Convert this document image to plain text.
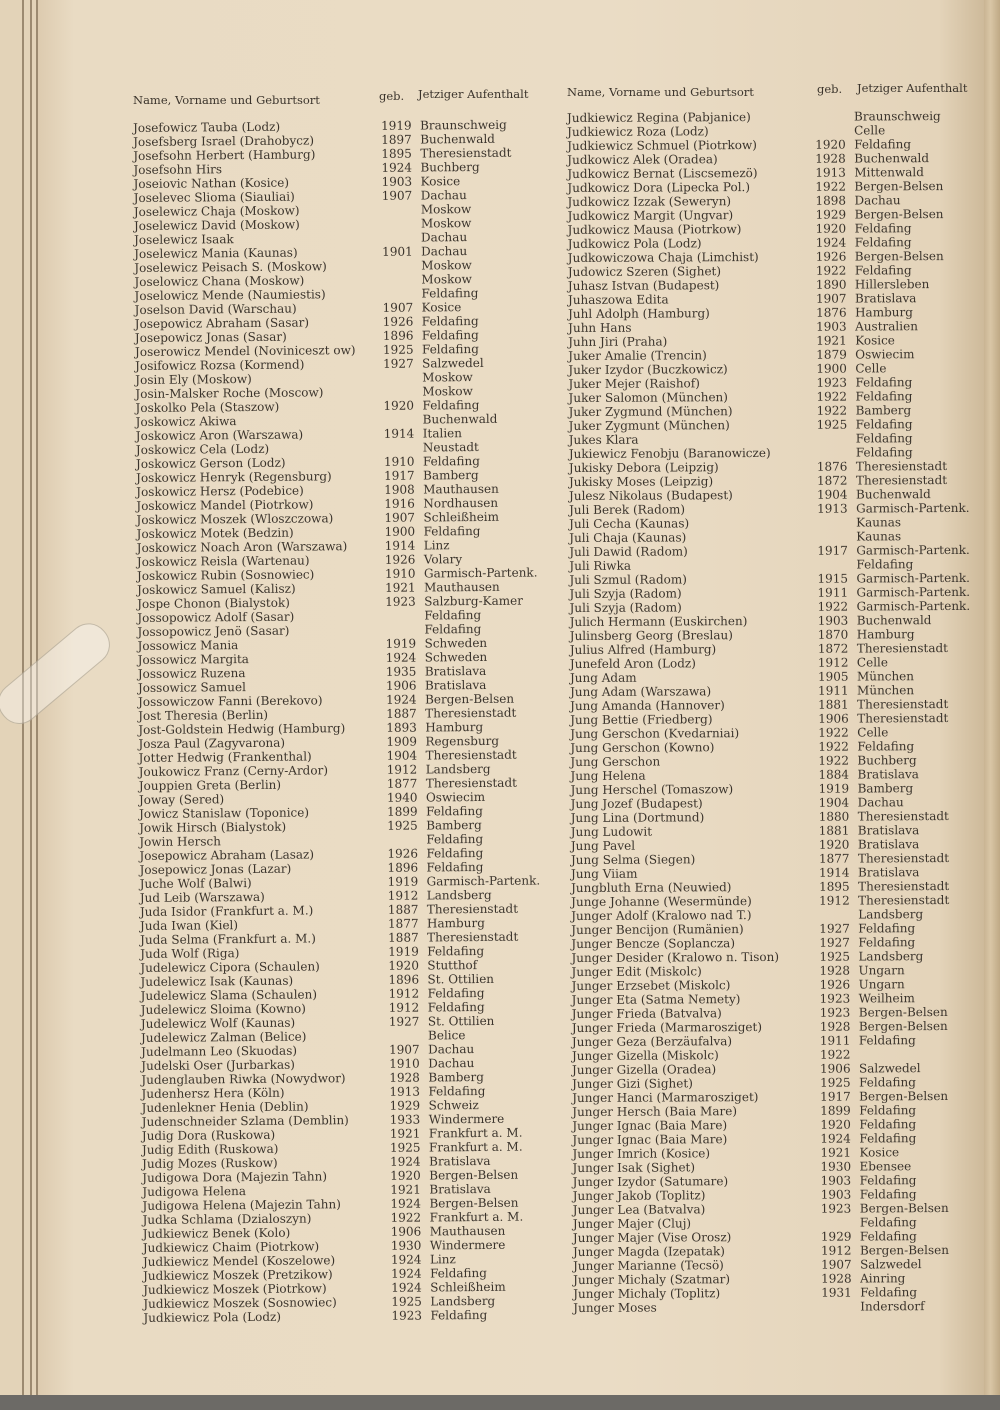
Name, Vorname und Geburtsort	geb. Jetziger Aufenthalt	Name, Vorname und Geburtsort	geb. Jetziger Aufenthalt
Josefowicz Tauba (Lodz)	1919 Braunschweig
Josefsberg Israel (Drahobycz)	1897 Buchenwald
Josefsohn Herbert (Hamburg)	1895 Theresienstadt
Josefsohn Hirs	1924 Buchberg
Joseiovic Nathan (Kosice)	1903 Kosice
Joselevec Slioma (Siauliai)	1907 Dachau
Joselewicz Chaja (Moskow)	Moskow
Joselewicz David (Moskow)	Moskow
Joselewicz Isaak	Dachau
Joselewicz Mania (Kaunas)	1901 Dachau
Joselewicz Peisach S. (Moskow)	Moskow
Joselowicz Chana (Moskow)	Moskow
Joselowicz Mende (Naumiestis)	Feldafing
Joselson David (Warschau)	1907 Kosice
Josepowicz Abraham (Sasar)	1926 Feldafing
Josepowicz Jonas (Sasar)	1896 Feldafing
Joserowicz Mendel (Noviniceszt ow) 1925 Feldafing
Josifowicz Rozsa (Kormend)	1927 Salzwedel
Josin Ely (Moskow)	Moskow
Josin-Malsker Roche (Moscow)	Moskow
Joskolko Pela (Staszow)	1920 Feldafing
Joskowicz Akiwa	Buchenwald
Joskowicz Aron (Warszawa)	1914 Italien
Joskowicz Cela (Lodz)	Neustadt
Joskowicz Gerson (Lodz)	1910 Feldafing
Joskowicz Henryk (Regensburg)	1917 Bamberg
Joskowicz Hersz (Podebice)	1908 Mauthausen
Joskowicz Mandel (Piotrkow)	1916 Nordhausen
Joskowicz Moszek (Wloszczowa)	1907 Schleißheim
Joskowicz Motek (Bedzin)	1900 Feldafing
Joskowicz Noach Aron (Warszawa)	1914 Linz
Joskowicz Reisla (Wartenau)	1926 Volary
Joskowicz Rubin (Sosnowiec)	1910 Garmisch-Partenk.
Joskowicz Samuel (Kalisz)	1921 Mauthausen
Jospe Chonon (Bialystok)	1923 Salzburg-Kamer
Jossopowicz Adolf (Sasar)	Feldafing
Jossopowicz Jenö (Sasar)	Feldafing
Jossowicz Mania	1919 Schweden
Jossowicz Margita	1924 Schweden
Jossowicz Ruzena	1935 Bratislava
Jossowicz Samuel	1906 Bratislava
Jossowiczow Fanni (Berekovo)	1924 Bergen-Belsen
Jost Theresia (Berlin)	1887 Theresienstadt
Jost-Goldstein Hedwig (Hamburg)	1893 Hamburg
Josza Paul (Zagyvarona)	1909 Regensburg
Jotter Hedwig (Frankenthal)	1904 Theresienstadt
Joukowicz Franz (Cerny-Ardor)	1912 Landsberg
Jouppien Greta (Berlin)	1877 Theresienstadt
Joway (Sered)	1940 Oswiecim
Jowicz Stanislaw (Toponice)	1899 Feldafing
Jowik Hirsch (Bialystok)	1925 Bamberg
Jowin Hersch	Feldafing
Josepowicz Abraham (Lasaz)	1926 Feldafing
Josepowicz Jonas (Lazar)	1896 Feldafing
Juche Wolf (Balwi)	1919 Garmisch-Partenk.
Jud Leib (Warszawa)	1912 Landsberg
Juda Isidor (Frankfurt a. M.)	1887 Theresienstadt
Juda Iwan (Kiel)	1877 Hamburg
Juda Selma (Frankfurt a. M.)	1887 Theresienstadt
Juda Wolf (Riga)	1919 Feldafing
Judelewicz Cipora (Schaulen)	1920 Stutthof
Judelewicz Isak (Kaunas)	1896 St. Ottilien
Judelewicz Slama (Schaulen)	1912 Feldafing
Judelewicz Sloima (Kowno)	1912 Feldafing
Judelewicz Wolf (Kaunas)	1927 St. Ottilien
Judelewicz Zalman (Belice)	Belice
Judelmann Leo (Skuodas)	1907 Dachau
Judelski Oser (Jurbarkas)	1910 Dachau
Judenglauben Riwka (Nowydwor)	1928 Bamberg
Judenhersz Hera (Köln)	1913 Feldafing
Judenlekner Henia (Deblin)	1929 Schweiz
Judenschneider Szlama (Demblin)	1933 Windermere
Judig Dora (Ruskowa)	1921 Frankfurt a. M.
Judig Edith (Ruskowa)	1925 Frankfurt a. M.
Judig Mozes (Ruskow)	1924 Bratislava
Judigowa Dora (Majezin Tahn)	1920 Bergen-Belsen
Judigowa Helena	1921 Bratislava
Judigowa Helena (Majezin Tahn)	1924 Bergen-Belsen
Judka Schlama (Dzialoszyn)	1922 Frankfurt a. M.
Judkiewicz Benek (Kolo)	1906 Mauthausen
Judkiewicz Chaim (Piotrkow)	1930 Windermere
Judkiewicz Mendel (Koszelowe)	1924 Linz
Judkiewicz Moszek (Pretzikow)	1924 Feldafing
Judkiewicz Moszek (Piotrkow)	1924 Schleißheim
Judkiewicz Moszek (Sosnowiec)	1925 Landsberg
Judkiewicz Pola (Lodz)	1923 Feldafing
Judkiewicz Regina (Pabjanice)	Braunschweig
Judkiewicz Roza (Lodz)	Celle
Judkiewicz Schmuel (Piotrkow)	1920 Feldafing
Judkowicz Alek (Oradea)	1928 Buchenwald
Judkowicz Bernat (Liscsemezö)	1913 Mittenwald
Judkowicz Dora (Lipecka Pol.)	1922 Bergen-Belsen
Judkowicz Izzak (Seweryn)	1898 Dachau
Judkowicz Margit (Ungvar)	1929 Bergen-Belsen
Judkowicz Mausa (Piotrkow)	1920 Feldafing
Judkowicz Pola (Lodz)	1924 Feldafing
Judkowiczowa Chaja (Limchist)	1926 Bergen-Belsen
Judowicz Szeren (Sighet)	1922 Feldafing
Juhasz Istvan (Budapest)	1890 Hillersleben
Juhaszowa Edita	1907 Bratislava
Juhl Adolph (Hamburg)	1876 Hamburg
Juhn Hans	1903 Australien
Juhn Jiri (Praha)	1921 Kosice
Juker Amalie (Trencin)	1879 Oswiecim
Juker Izydor (Buczkowicz)	1900 Celle
Juker Mejer (Raishof)	1923 Feldafing
Juker Salomon (München)	1922 Feldafing
Juker Zygmund (München)	1922 Bamberg
Juker Zygmunt (München)	1925 Feldafing
Jukes Klara	Feldafing
Jukiewicz Fenobju (Baranowicze)	Feldafing
Jukisky Debora (Leipzig)	1876 Theresienstadt
Jukisky Moses (Leipzig)	1872 Theresienstadt
Julesz Nikolaus (Budapest)	1904 Buchenwald
Juli Berek (Radom)	1913 Garmisch-Partenk.
Juli Cecha (Kaunas)	Kaunas
Juli Chaja (Kaunas)	Kaunas
Juli Dawid (Radom)	1917 Garmisch-Partenk.
Juli Riwka	Feldafing
Juli Szmul (Radom)	1915 Garmisch-Partenk.
Juli Szyja (Radom)	1911 Garmisch-Partenk.
Juli Szyja (Radom)	1922 Garmisch-Partenk.
Julich Hermann (Euskirchen)	1903 Buchenwald
Julinsberg Georg (Breslau)	1870 Hamburg
Julius Alfred (Hamburg)	1872 Theresienstadt
Junefeld Aron (Lodz)	1912 Celle
Jung Adam	1905 München
Jung Adam (Warszawa)	1911 München
Jung Amanda (Hannover)	1881 Theresienstadt
Jung Bettie (Friedberg)	1906 Theresienstadt
Jung Gerschon (Kvedarniai)	1922 Celle
Jung Gerschon (Kowno)	1922 Feldafing
Jung Gerschon	1922 Buchberg
Jung Helena	1884 Bratislava
Jung Herschel (Tomaszow)	1919 Bamberg
Jung Jozef (Budapest)	1904 Dachau
Jung Lina (Dortmund)	1880 Theresienstadt
Jung Ludowit	1881 Bratislava
Jung Pavel	1920 Bratislava
Jung Selma (Siegen)	1877 Theresienstadt
Jung Viiam	1914 Bratislava
Jungbluth Erna (Neuwied)	1895 Theresienstadt
Junge Johanne (Wesermünde)	1912 Theresienstadt
Junger Adolf (Kralowo nad T.)	Landsberg
Junger Bencijon (Rumänien)	1927 Feldafing
Junger Bencze (Soplancza)	1927 Feldafing
Junger Desider (Kralowo n. Tison)	1925 Landsberg
Junger Edit (Miskolc)	1928 Ungarn
Junger Erzsebet (Miskolc)	1926 Ungarn
Junger Eta (Satma Nemety)	1923 Weilheim
Junger Frieda (Batvalva)	1923 Bergen-Belsen
Junger Frieda (Marmarosziget)	1928 Bergen-Belsen
Junger Geza (Berzäufalva)	1911 Feldafing
Junger Gizella (Miskolc)	1922
Junger Gizella (Oradea)	1906 Salzwedel
Junger Gizi (Sighet)	1925 Feldafing
Junger Hanci (Marmarosziget)	1917 Bergen-Belsen
Junger Hersch (Baia Mare)	1899 Feldafing
Junger Ignac (Baia Mare)	1920 Feldafing
Junger Ignac (Baia Mare)	1924 Feldafing
Junger Imrich (Kosice)	1921 Kosice
Junger Isak (Sighet)	1930 Ebensee
Junger Izydor (Satumare)	1903 Feldafing
Junger Jakob (Toplitz)	1903 Feldafing
Junger Lea (Batvalva)	1923 Bergen-Belsen
Junger Majer (Cluj)	Feldafing
Junger Majer (Vise Orosz)	1929 Feldafing
Junger Magda (Izepatak)	1912 Bergen-Belsen
Junger Marianne (Tecsö)	1907 Salzwedel
Junger Michaly (Szatmar)	1928 Ainring
Junger Michaly (Toplitz)	1931 Feldafing
Junger Moses	Indersdorf
